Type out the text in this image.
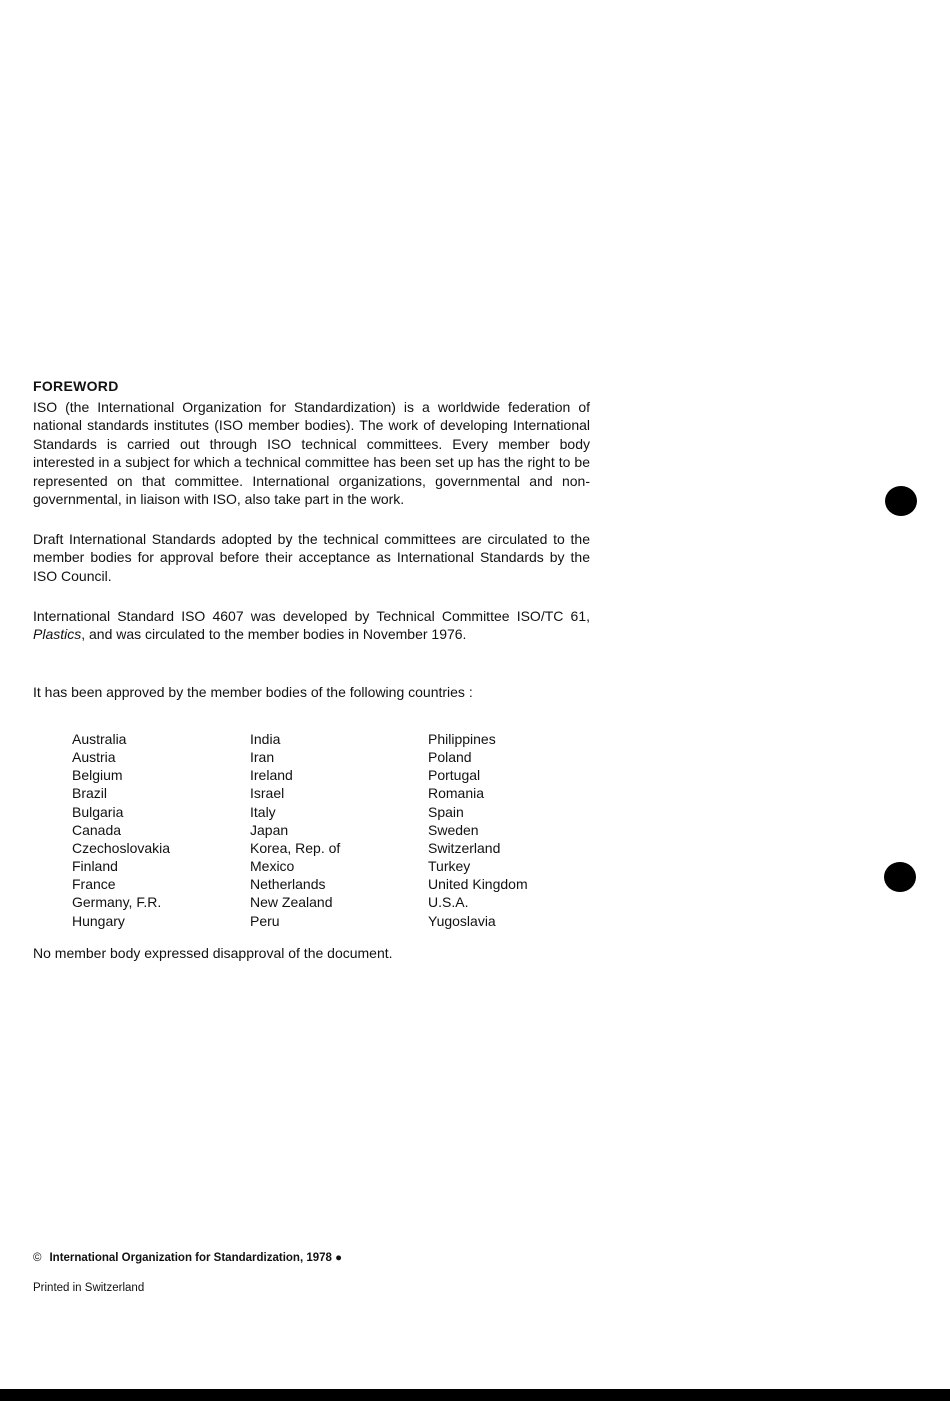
FOREWORD

ISO (the International Organization for Standardization) is a worldwide federation of national standards institutes (ISO member bodies). The work of developing International Standards is carried out through ISO technical committees. Every member body interested in a subject for which a technical committee has been set up has the right to be represented on that committee. International organizations, governmental and non-governmental, in liaison with ISO, also take part in the work.

Draft International Standards adopted by the technical committees are circulated to the member bodies for approval before their acceptance as International Standards by the ISO Council.

International Standard ISO 4607 was developed by Technical Committee ISO/TC 61, Plastics, and was circulated to the member bodies in November 1976.

It has been approved by the member bodies of the following countries :

Australia
Austria
Belgium
Brazil
Bulgaria
Canada
Czechoslovakia
Finland
France
Germany, F.R.
Hungary
India
Iran
Ireland
Israel
Italy
Japan
Korea, Rep. of
Mexico
Netherlands
New Zealand
Peru
Philippines
Poland
Portugal
Romania
Spain
Sweden
Switzerland
Turkey
United Kingdom
U.S.A.
Yugoslavia

No member body expressed disapproval of the document.

© International Organization for Standardization, 1978 ●
Printed in Switzerland
